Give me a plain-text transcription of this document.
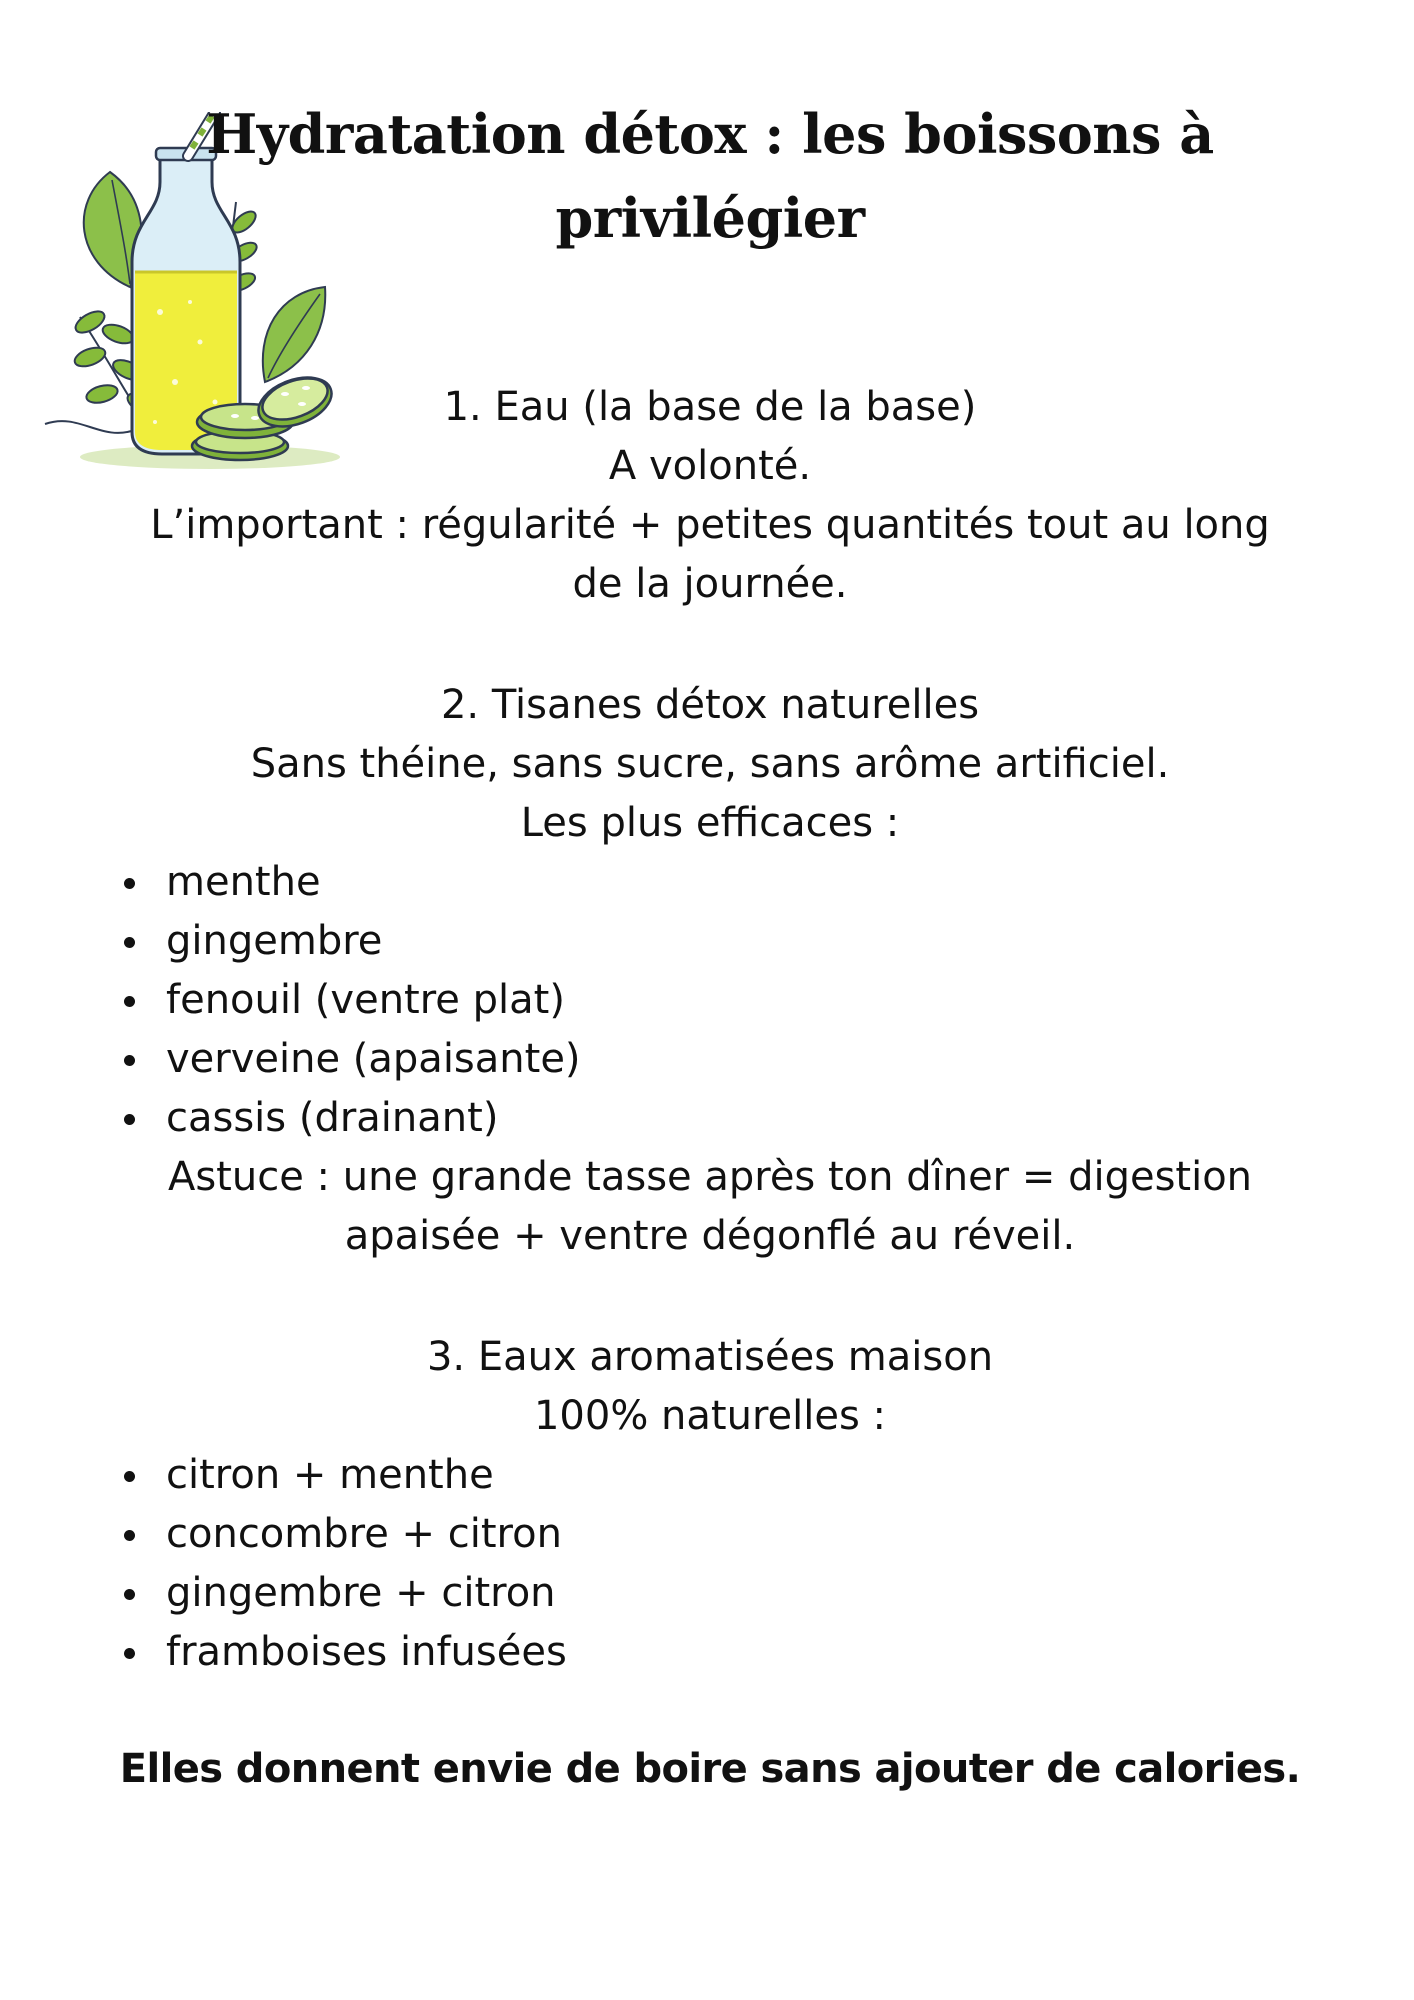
Hydratation détox : les boissons à
privilégier
1. Eau (la base de la base)
A volonté.
L’important : régularité + petites quantités tout au long
de la journée.
2. Tisanes détox naturelles
Sans théine, sans sucre, sans arôme artificiel.
Les plus efficaces :
menthe
gingembre
fenouil (ventre plat)
verveine (apaisante)
cassis (drainant)
Astuce : une grande tasse après ton dîner = digestion
apaisée + ventre dégonflé au réveil.
3. Eaux aromatisées maison
100% naturelles :
citron + menthe
concombre + citron
gingembre + citron
framboises infusées
Elles donnent envie de boire sans ajouter de calories.
